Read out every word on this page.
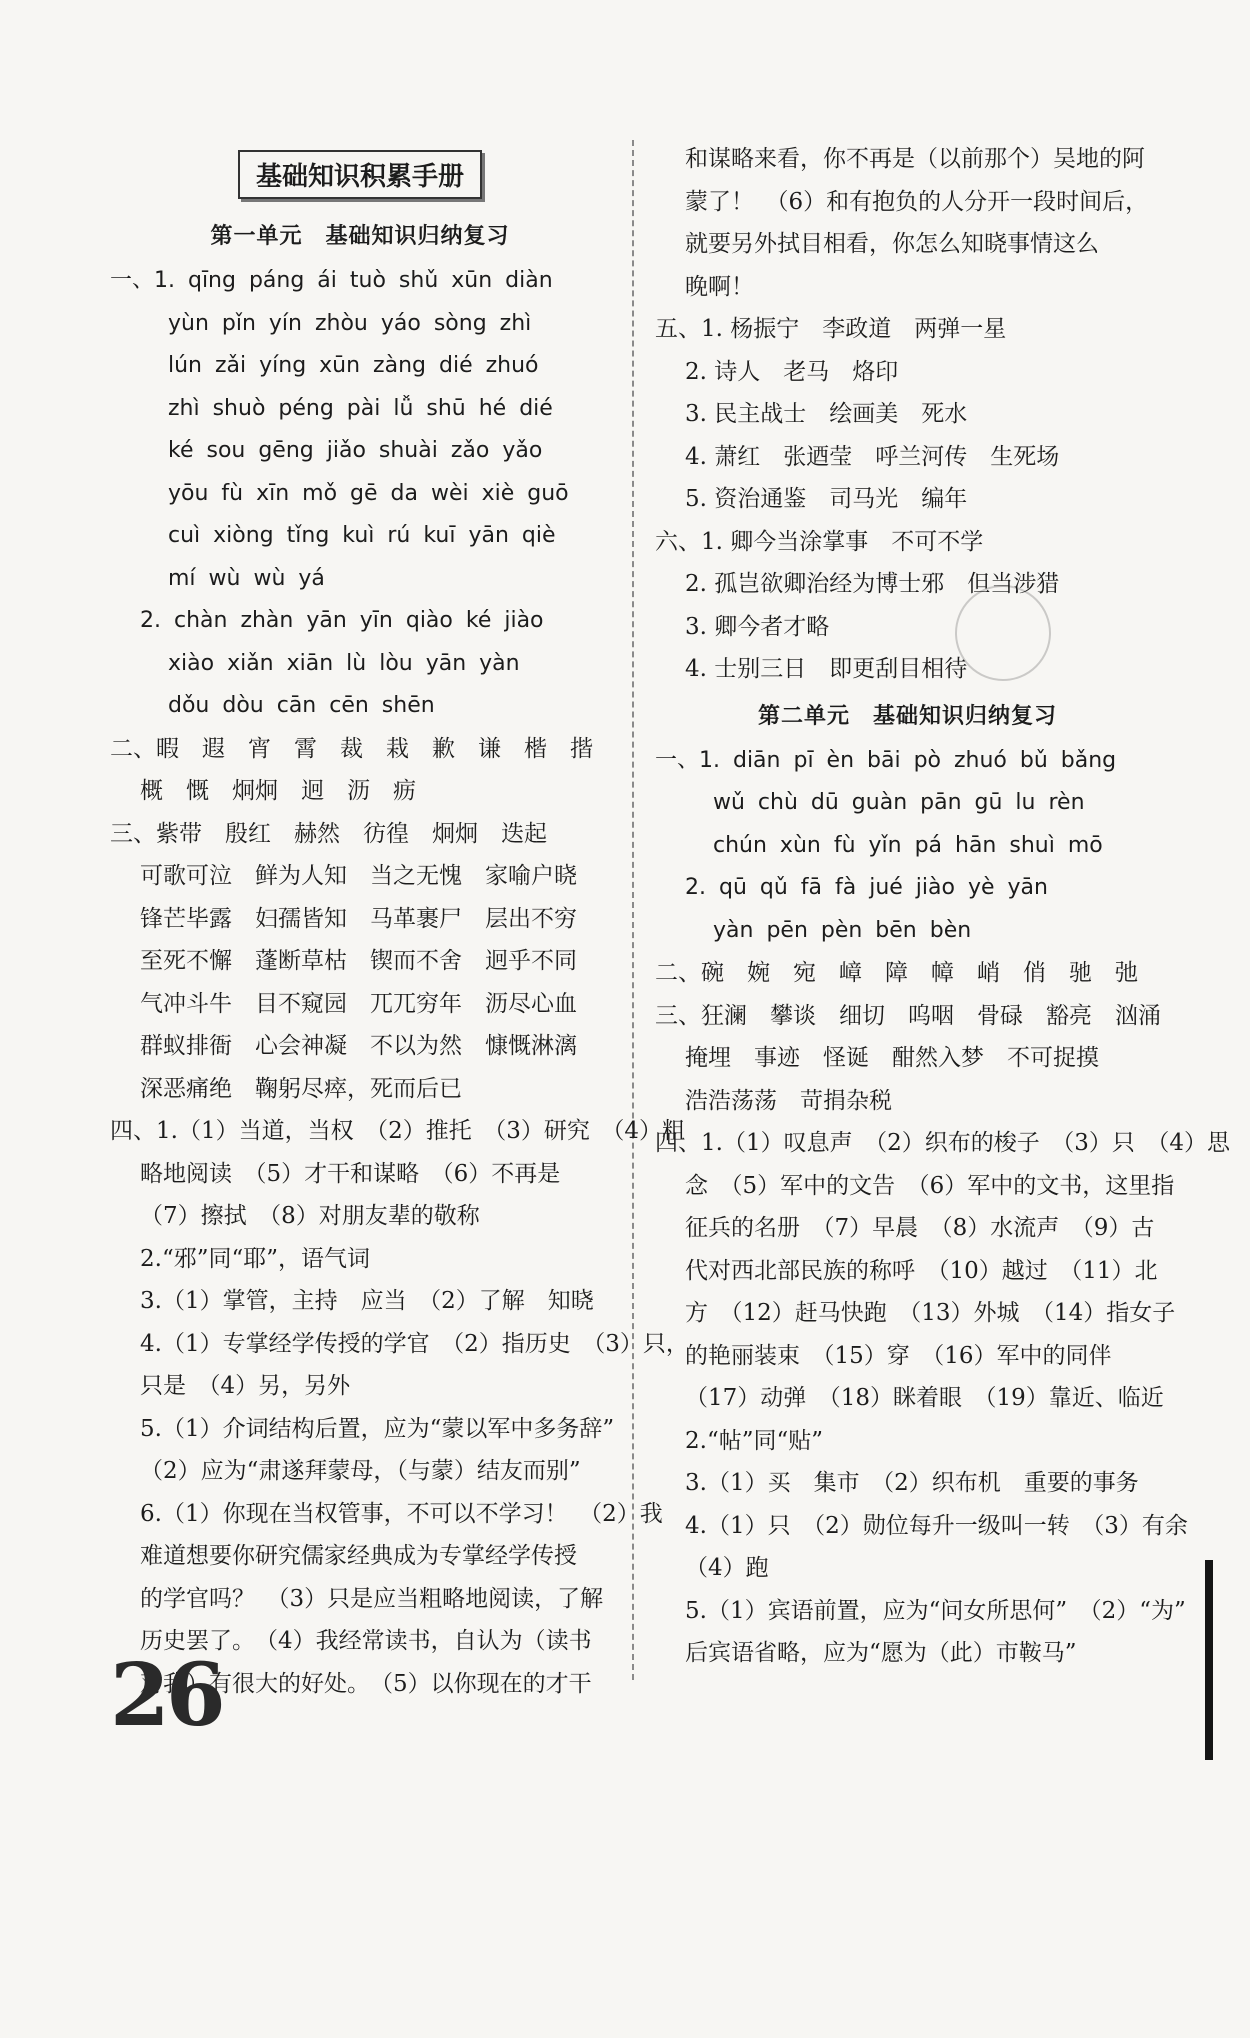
基础知识积累手册
第一单元　基础知识归纳复习
一、1. qīng páng ái tuò shǔ xūn diàn
yùn pǐn yín zhòu yáo sòng zhì
lún zǎi yíng xūn zàng dié zhuó
zhì shuò péng pài lǚ shū hé dié
ké sou gēng jiǎo shuài zǎo yǎo
yōu fù xīn mǒ gē da wèi xiè guō
cuì xiòng tǐng kuì rú kuī yān qiè
mí wù wù yá
2. chàn zhàn yān yīn qiào ké jiào
xiào xiǎn xiān lù lòu yān yàn
dǒu dòu cān cēn shēn
二、暇　遐　宵　霄　裁　栽　歉　谦　楷　揩
概　慨　炯炯　迥　沥　疬
三、紫带　殷红　赫然　彷徨　炯炯　迭起
可歌可泣　鲜为人知　当之无愧　家喻户晓
锋芒毕露　妇孺皆知　马革裹尸　层出不穷
至死不懈　蓬断草枯　锲而不舍　迥乎不同
气冲斗牛　目不窥园　兀兀穷年　沥尽心血
群蚁排衙　心会神凝　不以为然　慷慨淋漓
深恶痛绝　鞠躬尽瘁，死而后已
四、1.（1）当道，当权　（2）推托　（3）研究　（4）粗
略地阅读　（5）才干和谋略　（6）不再是
（7）擦拭　（8）对朋友辈的敬称
2.“邪”同“耶”，语气词
3.（1）掌管，主持　应当　（2）了解　知晓
4.（1）专掌经学传授的学官　（2）指历史　（3）只，
只是　（4）另，另外
5.（1）介词结构后置，应为“蒙以军中多务辞”
（2）应为“肃遂拜蒙母，（与蒙）结友而别”
6.（1）你现在当权管事，不可以不学习！　（2）我
难道想要你研究儒家经典成为专掌经学传授
的学官吗？　（3）只是应当粗略地阅读，了解
历史罢了。　（4）我经常读书，自认为（读书
对我）有很大的好处。　（5）以你现在的才干
和谋略来看，你不再是（以前那个）吴地的阿
蒙了！　（6）和有抱负的人分开一段时间后，
就要另外拭目相看，你怎么知晓事情这么
晚啊！
五、1. 杨振宁　李政道　两弹一星
2. 诗人　老马　烙印
3. 民主战士　绘画美　死水
4. 萧红　张迺莹　呼兰河传　生死场
5. 资治通鉴　司马光　编年
六、1. 卿今当涂掌事　不可不学
2. 孤岂欲卿治经为博士邪　但当涉猎
3. 卿今者才略
4. 士别三日　即更刮目相待
第二单元　基础知识归纳复习
一、1. diān pī èn bāi pò zhuó bǔ bǎng
wǔ chù dū guàn pān gū lu rèn
chún xùn fù yǐn pá hān shuì mō
2. qū qǔ fā fà jué jiào yè yān
yàn pēn pèn bēn bèn
二、碗　婉　宛　嶂　障　幛　峭　俏　驰　弛
三、狂澜　攀谈　细切　呜咽　骨碌　豁亮　汹涌
掩埋　事迹　怪诞　酣然入梦　不可捉摸
浩浩荡荡　苛捐杂税
四、1.（1）叹息声　（2）织布的梭子　（3）只　（4）思
念　（5）军中的文告　（6）军中的文书，这里指
征兵的名册　（7）早晨　（8）水流声　（9）古
代对西北部民族的称呼　（10）越过　（11）北
方　（12）赶马快跑　（13）外城　（14）指女子
的艳丽装束　（15）穿　（16）军中的同伴
（17）动弹　（18）眯着眼　（19）靠近、临近
2.“帖”同“贴”
3.（1）买　集市　（2）织布机　重要的事务
4.（1）只　（2）勋位每升一级叫一转　（3）有余
（4）跑
5.（1）宾语前置，应为“问女所思何”　（2）“为”
后宾语省略，应为“愿为（此）市鞍马”
26
